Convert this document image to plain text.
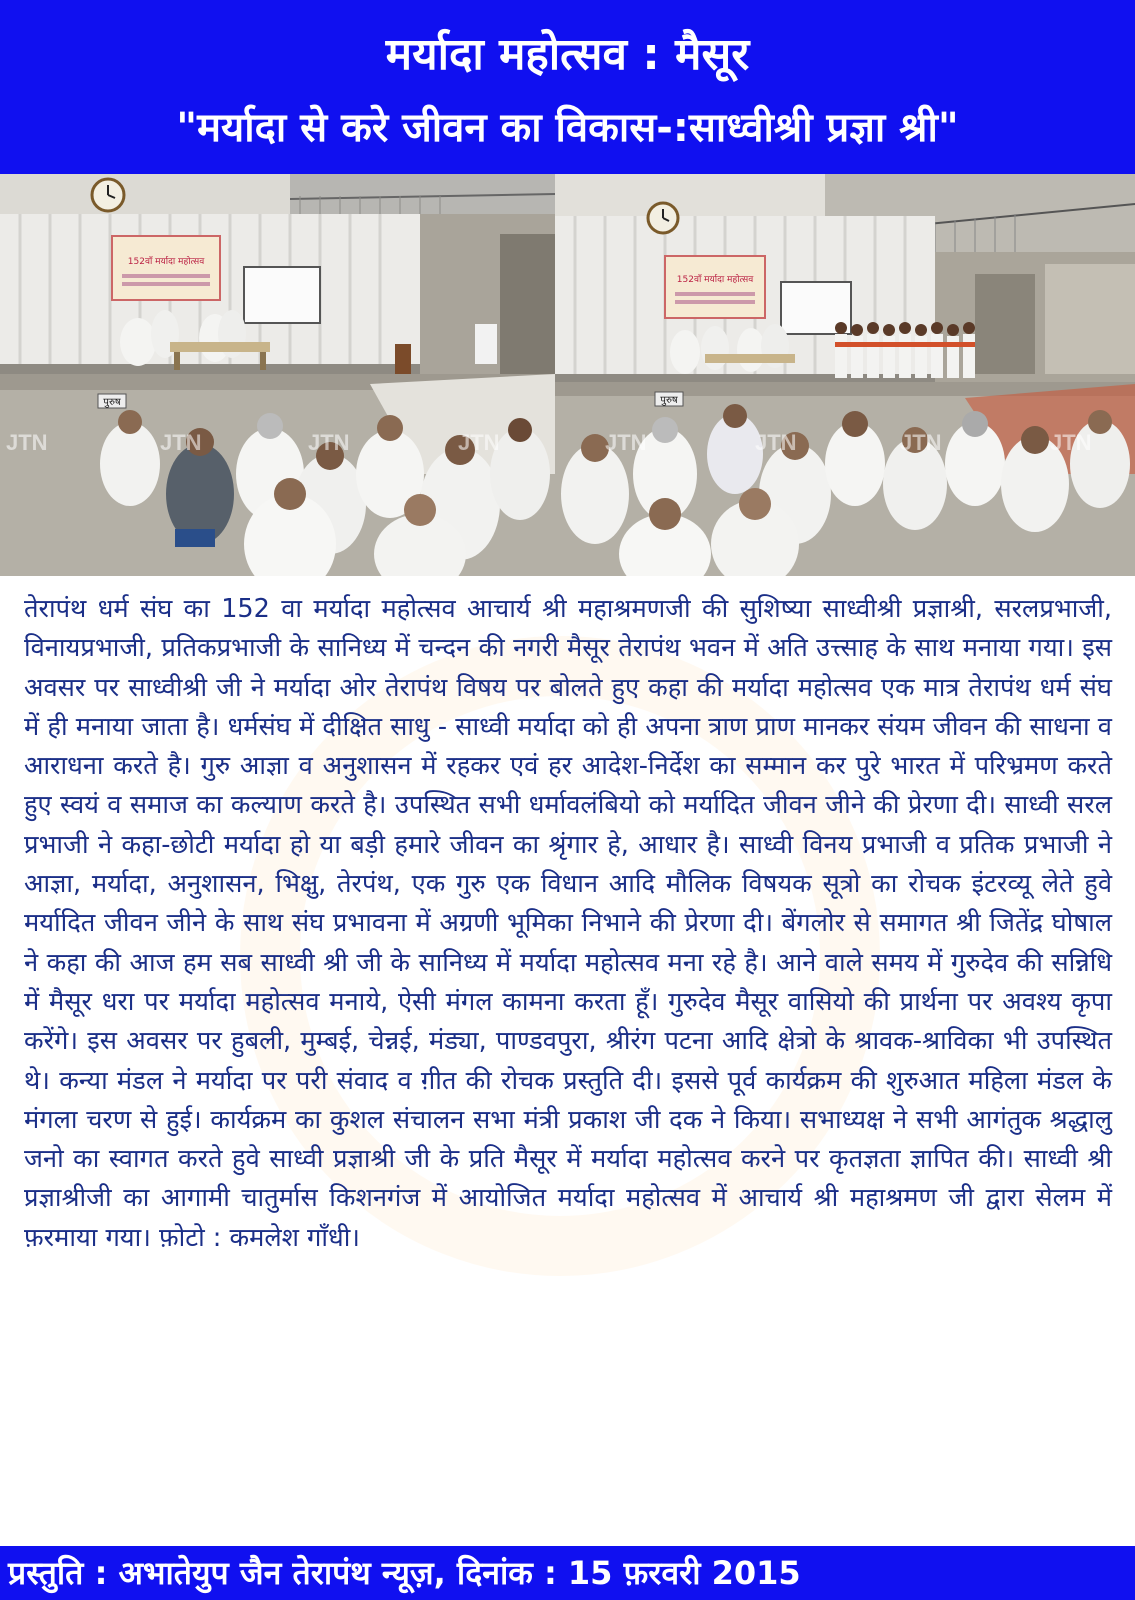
मर्यादा महोत्सव : मैसूर
"मर्यादा से करे जीवन का विकास-:साध्वीश्री प्रज्ञा श्री"
152वाँ मर्यादा महोत्सव
पुरुष
JTN	JTN	JTN	JTN
152वाँ मर्यादा महोत्सव
पुरुष
JTN	JTN	JTN	JTN
तेरापंथ धर्म संघ का 152 वा मर्यादा महोत्सव आचार्य श्री महाश्रमणजी की सुशिष्या साध्वीश्री प्रज्ञाश्री, सरलप्रभाजी, विनायप्रभाजी, प्रतिकप्रभाजी के सानिध्य में चन्दन की नगरी मैसूर तेरापंथ भवन में अति उत्त्साह के साथ मनाया गया। इस अवसर पर साध्वीश्री जी ने मर्यादा ओर तेरापंथ विषय पर बोलते हुए कहा की मर्यादा महोत्सव एक मात्र तेरापंथ धर्म संघ में ही मनाया जाता है। धर्मसंघ में दीक्षित साधु - साध्वी मर्यादा को ही अपना त्राण प्राण मानकर संयम जीवन की साधना व आराधना करते है। गुरु आज्ञा व अनुशासन में रहकर एवं हर आदेश-निर्देश का सम्मान कर पुरे भारत में परिभ्रमण करते हुए स्वयं व समाज का कल्याण करते है। उपस्थित सभी धर्मावलंबियो को मर्यादित जीवन जीने की प्रेरणा दी। साध्वी सरल प्रभाजी ने कहा-छोटी मर्यादा हो या बड़ी हमारे जीवन का श्रृंगार हे, आधार है। साध्वी विनय प्रभाजी व प्रतिक प्रभाजी ने आज्ञा, मर्यादा, अनुशासन, भिक्षु, तेरपंथ, एक गुरु एक विधान आदि मौलिक विषयक सूत्रो का रोचक इंटरव्यू लेते हुवे मर्यादित जीवन जीने के साथ संघ प्रभावना में अग्रणी भूमिका निभाने की प्रेरणा दी। बेंगलोर से समागत श्री जितेंद्र घोषाल ने कहा की आज हम सब साध्वी श्री जी के सानिध्य में मर्यादा महोत्सव मना रहे है। आने वाले समय में गुरुदेव की सन्निधि में मैसूर धरा पर मर्यादा महोत्सव मनाये, ऐसी मंगल कामना करता हूँ। गुरुदेव मैसूर वासियो की प्रार्थना पर अवश्य कृपा करेंगे। इस अवसर पर हुबली, मुम्बई, चेन्नई, मंड्या, पाण्डवपुरा, श्रीरंग पटना आदि क्षेत्रो के श्रावक-श्राविका भी उपस्थित थे। कन्या मंडल ने मर्यादा पर परी संवाद व ग़ीत की रोचक प्रस्तुति दी। इससे पूर्व कार्यक्रम की शुरुआत महिला मंडल के मंगला चरण से हुई। कार्यक्रम का कुशल संचालन सभा मंत्री प्रकाश जी दक ने किया। सभाध्यक्ष ने सभी आगंतुक श्रद्धालु जनो का स्वागत करते हुवे साध्वी प्रज्ञाश्री जी के प्रति मैसूर में मर्यादा महोत्सव करने पर कृतज्ञता ज्ञापित की। साध्वी श्री प्रज्ञाश्रीजी का आगामी चातुर्मास किशनगंज में आयोजित मर्यादा महोत्सव में आचार्य श्री महाश्रमण जी द्वारा सेलम में फ़रमाया गया। फ़ोटो : कमलेश गाँधी।
प्रस्तुति : अभातेयुप जैन तेरापंथ न्यूज़, दिनांक : 15 फ़रवरी 2015
